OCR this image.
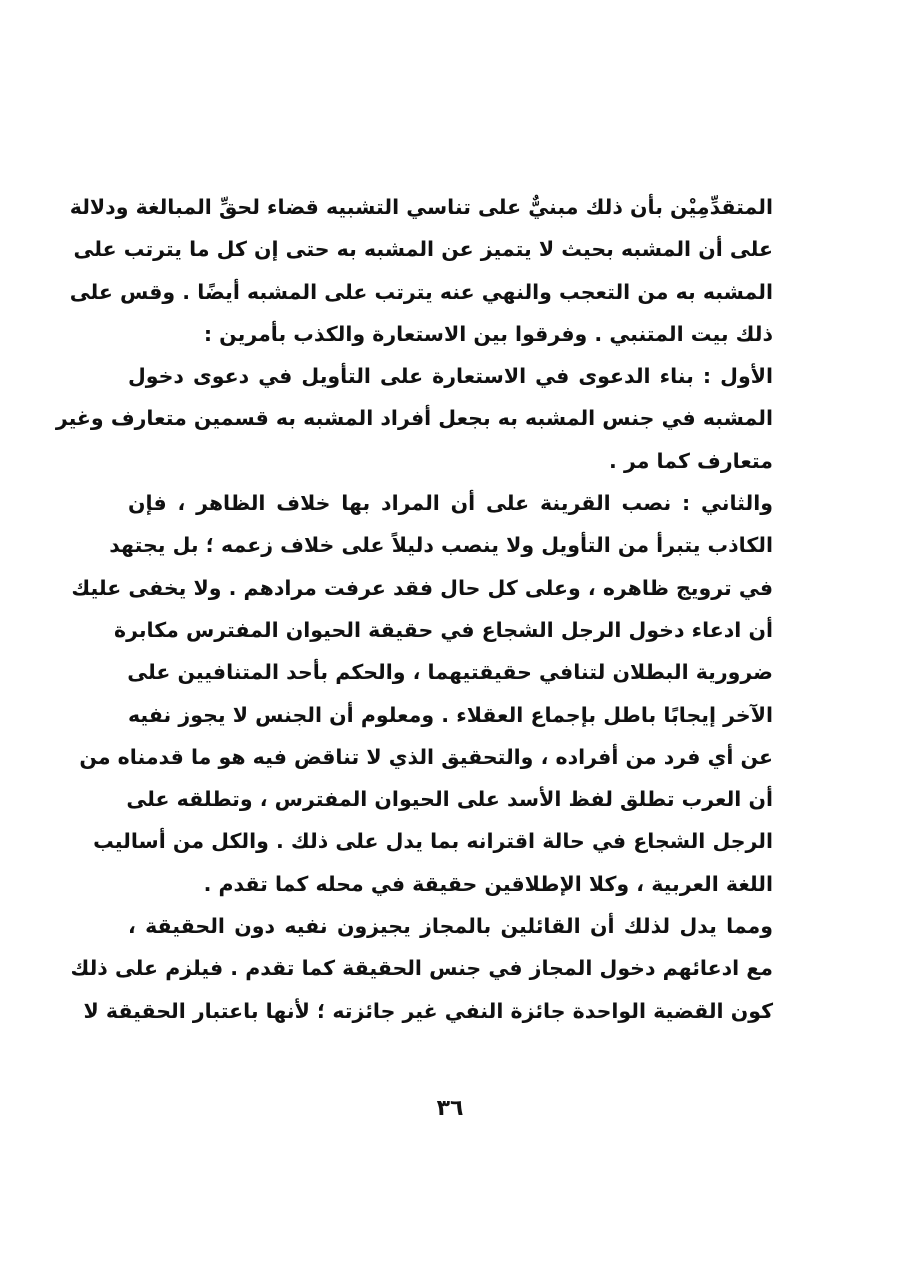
المتقدِّمِيْن بأن ذلك مبنيٌّ على تناسي التشبيه قضاء لحقِّ المبالغة ودلالة
على أن المشبه بحيث لا يتميز عن المشبه به حتى إن كل ما يترتب على
المشبه به من التعجب والنهي عنه يترتب على المشبه أيضًا . وقس على
ذلك بيت المتنبي . وفرقوا بين الاستعارة والكذب بأمرين :
الأول : بناء الدعوى في الاستعارة على التأويل في دعوى دخول
المشبه في جنس المشبه به بجعل أفراد المشبه به قسمين متعارف وغير
متعارف كما مر .
والثاني : نصب القرينة على أن المراد بها خلاف الظاهر ، فإن
الكاذب يتبرأ من التأويل ولا ينصب دليلاً على خلاف زعمه ؛ بل يجتهد
في ترويج ظاهره ، وعلى كل حال فقد عرفت مرادهم . ولا يخفى عليك
أن ادعاء دخول الرجل الشجاع في حقيقة الحيوان المفترس مكابرة
ضرورية البطلان لتنافي حقيقتيهما ، والحكم بأحد المتنافيين على
الآخر إيجابًا باطل بإجماع العقلاء . ومعلوم أن الجنس لا يجوز نفيه
عن أي فرد من أفراده ، والتحقيق الذي لا تناقض فيه هو ما قدمناه من
أن العرب تطلق لفظ الأسد على الحيوان المفترس ، وتطلقه على
الرجل الشجاع في حالة اقترانه بما يدل على ذلك . والكل من أساليب
اللغة العربية ، وكلا الإطلاقين حقيقة في محله كما تقدم .
ومما يدل لذلك أن القائلين بالمجاز يجيزون نفيه دون الحقيقة ،
مع ادعائهم دخول المجاز في جنس الحقيقة كما تقدم . فيلزم على ذلك
كون القضية الواحدة جائزة النفي غير جائزته ؛ لأنها باعتبار الحقيقة لا
٣٦
